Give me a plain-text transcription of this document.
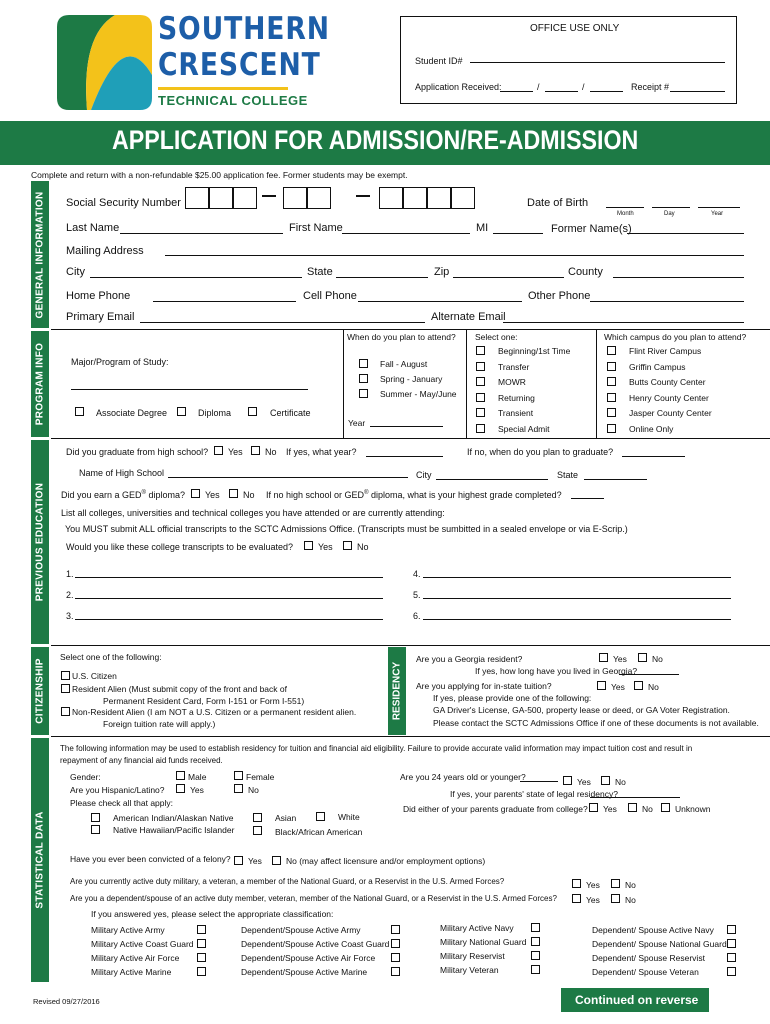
SOUTHERN
CRESCENT
TECHNICAL COLLEGE
OFFICE USE ONLY
Student ID#
Application Received:	/	/	Receipt #
APPLICATION FOR ADMISSION/RE-ADMISSION
Complete and return with a non-refundable $25.00 application fee. Former students may be exempt.
GENERAL INFORMATION
PROGRAM INFO
PREVIOUS EDUCATION
CITIZENSHIP
STATISTICAL DATA
RESIDENCY
Social Security Number	Date of Birth
Month	Day	Year
Last Name	First Name	MI	Former Name(s)
Mailing Address
City	State	Zip	County
Home Phone	Cell Phone	Other Phone
Primary Email	Alternate Email
Major/Program of Study:
Associate Degree	Diploma	Certificate
When do you plan to attend?
Fall - August
Spring - January
Summer - May/June
Year
Select one:
Beginning/1st Time
Transfer
MOWR
Returning
Transient
Special Admit
Which campus do you plan to attend?
Flint River Campus
Griffin Campus
Butts County Center
Henry County Center
Jasper County Center
Online Only
Did you graduate from high school? Yes No If yes, what year?	If no, when do you plan to graduate?
Name of High School	City	State
Did you earn a GED® diploma? Yes	No If no high school or GED® diploma, what is your highest grade completed?
List all colleges, universities and technical colleges you have attended or are currently attending:
You MUST submit ALL official transcripts to the SCTC Admissions Office. (Transcripts must be sumbitted in a sealed envelope or via E-Scrip.)
Would you like these college transcripts to be evaluated?	Yes	No
1.
2.
3.
4.
5.
6.
Select one of the following:
U.S. Citizen
Resident Alien (Must submit copy of the front and back of
Permanent Resident Card, Form I-151 or Form I-551)
Non-Resident Alien (I am NOT a U.S. Citizen or a permanent resident alien.
Foreign tuition rate will apply.)
Are you a Georgia resident?	Yes	No
If yes, how long have you lived in Georgia?
Are you applying for in-state tuition?	Yes	No
If yes, please provide one of the following:
GA Driver's License, GA-500, property lease or deed, or GA Voter Registration.
Please contact the SCTC Admissions Office if one of these documents is not available.
The following information may be used to establish residency for tuition and financial aid eligibility. Failure to provide accurate valid information may impact tuition cost and result in
repayment of any financial aid funds received.
Gender:	Male	Female
Are you Hispanic/Latino?	Yes	No
Please check all that apply:
American Indian/Alaskan Native	Asian	White
Native Hawaiian/Pacific Islander	Black/African American
Are you 24 years old or younger?	Yes	No
If yes, your parents' state of legal residency?
Did either of your parents graduate from college? Yes	No	Unknown
Have you ever been convicted of a felony? Yes	No (may affect licensure and/or employment options)
Are you currently active duty military, a veteran, a member of the National Guard, or a Reservist in the U.S. Armed Forces?	Yes	No
Are you a dependent/spouse of an active duty member, veteran, member of the National Guard, or a Reservist in the U.S. Armed Forces?	Yes	No
If you answered yes, please select the appropriate classification:
Military Active Army
Military Active Coast Guard
Military Active Air Force
Military Active Marine
Dependent/Spouse Active Army
Dependent/Spouse Active Coast Guard
Dependent/Spouse Active Air Force
Dependent/Spouse Active Marine
Military Active Navy
Military National Guard
Military Reservist
Military Veteran
Dependent/ Spouse Active Navy
Dependent/ Spouse National Guard
Dependent/ Spouse Reservist
Dependent/ Spouse Veteran
Revised 09/27/2016	Continued on reverse
